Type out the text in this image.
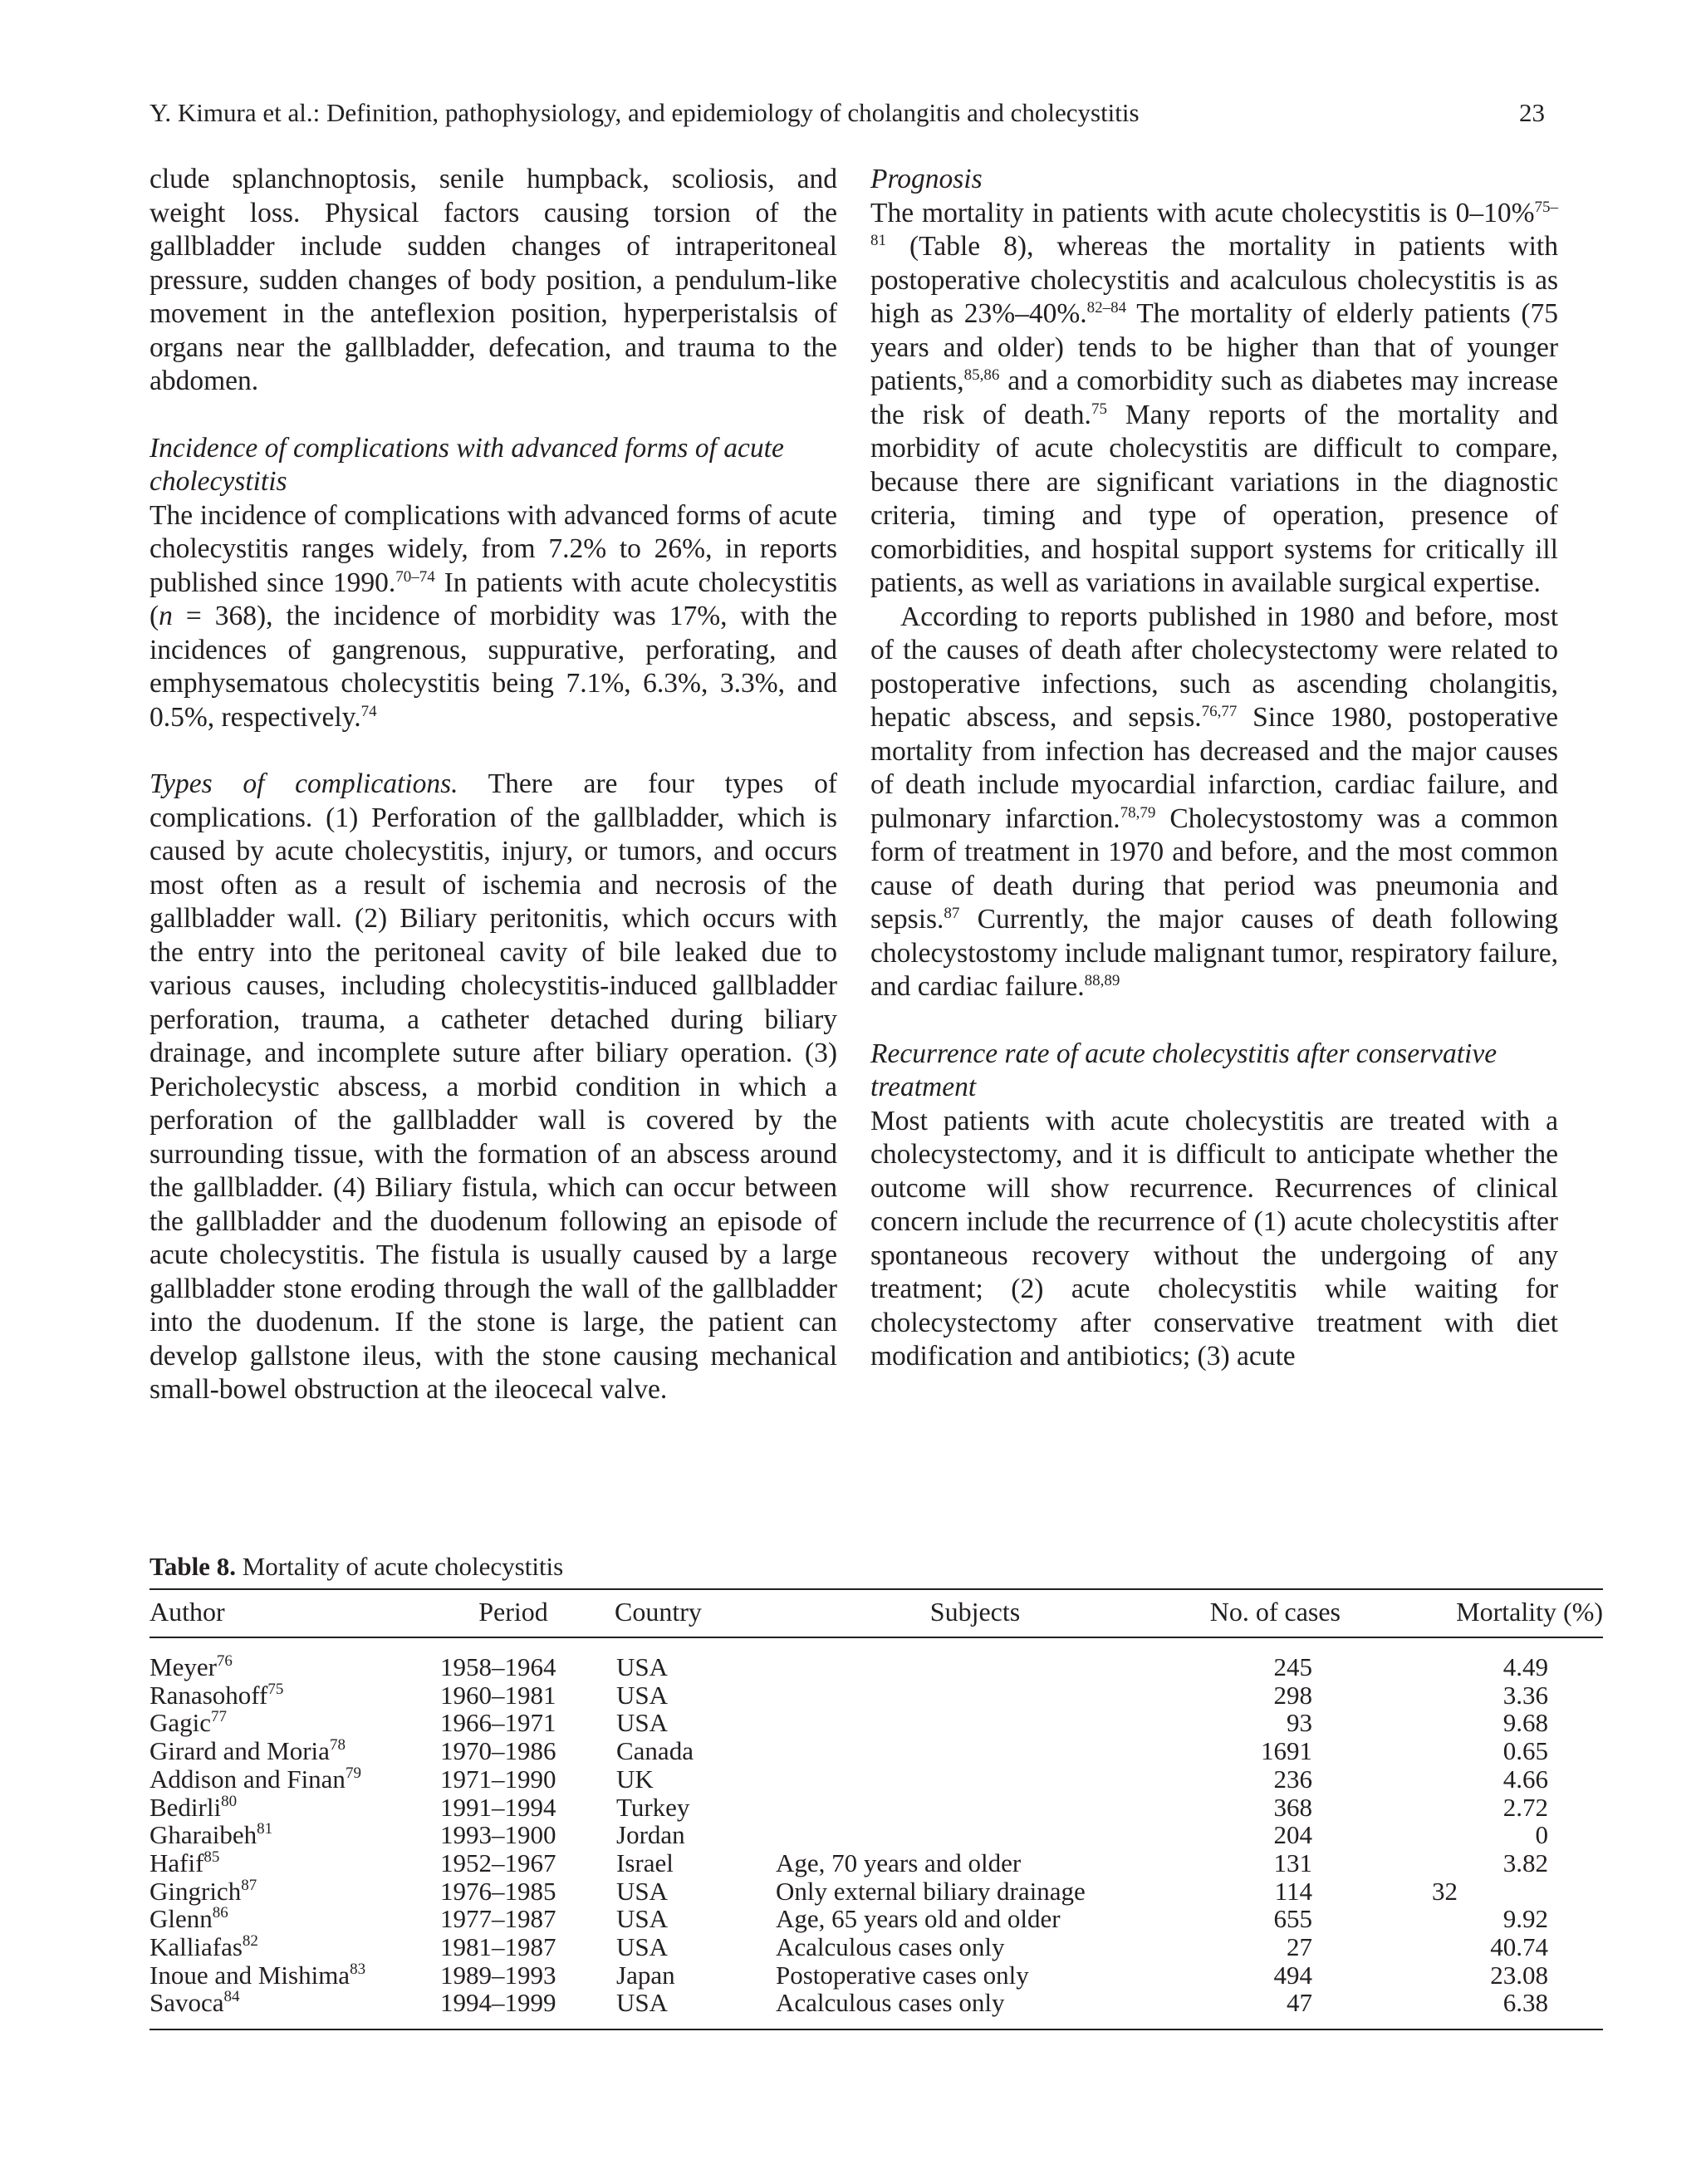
Y. Kimura et al.: Definition, pathophysiology, and epidemiology of cholangitis and cholecystitis	23

clude splanchnoptosis, senile humpback, scoliosis, and weight loss. Physical factors causing torsion of the gallbladder include sudden changes of intraperitoneal pressure, sudden changes of body position, a pendulum-like movement in the anteflexion position, hyperperistalsis of organs near the gallbladder, defecation, and trauma to the abdomen.

Incidence of complications with advanced forms of acute cholecystitis

The incidence of complications with advanced forms of acute cholecystitis ranges widely, from 7.2% to 26%, in reports published since 1990.$^{70-74}$ In patients with acute cholecystitis (n = 368), the incidence of morbidity was 17%, with the incidences of gangrenous, suppurative, perforating, and emphysematous cholecystitis being 7.1%, 6.3%, 3.3%, and 0.5%, respectively.$^{74}$

Types of complications. There are four types of complications. (1) Perforation of the gallbladder, which is caused by acute cholecystitis, injury, or tumors, and occurs most often as a result of ischemia and necrosis of the gallbladder wall. (2) Biliary peritonitis, which occurs with the entry into the peritoneal cavity of bile leaked due to various causes, including cholecystitis-induced gallbladder perforation, trauma, a catheter detached during biliary drainage, and incomplete suture after biliary operation. (3) Pericholecystic abscess, a morbid condition in which a perforation of the gallbladder wall is covered by the surrounding tissue, with the formation of an abscess around the gallbladder. (4) Biliary fistula, which can occur between the gallbladder and the duodenum following an episode of acute cholecystitis. The fistula is usually caused by a large gallbladder stone eroding through the wall of the gallbladder into the duodenum. If the stone is large, the patient can develop gallstone ileus, with the stone causing mechanical small-bowel obstruction at the ileocecal valve.

Prognosis

The mortality in patients with acute cholecystitis is 0–10%$^{75-81}$ (Table 8), whereas the mortality in patients with postoperative cholecystitis and acalculous cholecystitis is as high as 23%–40%.$^{82-84}$ The mortality of elderly patients (75 years and older) tends to be higher than that of younger patients,$^{85,86}$ and a comorbidity such as diabetes may increase the risk of death.$^{75}$ Many reports of the mortality and morbidity of acute cholecystitis are difficult to compare, because there are significant variations in the diagnostic criteria, timing and type of operation, presence of comorbidities, and hospital support systems for critically ill patients, as well as variations in available surgical expertise.

According to reports published in 1980 and before, most of the causes of death after cholecystectomy were related to postoperative infections, such as ascending cholangitis, hepatic abscess, and sepsis.$^{76,77}$ Since 1980, postoperative mortality from infection has decreased and the major causes of death include myocardial infarction, cardiac failure, and pulmonary infarction.$^{78,79}$ Cholecystostomy was a common form of treatment in 1970 and before, and the most common cause of death during that period was pneumonia and sepsis.$^{87}$ Currently, the major causes of death following cholecystostomy include malignant tumor, respiratory failure, and cardiac failure.$^{88,89}$

Recurrence rate of acute cholecystitis after conservative treatment

Most patients with acute cholecystitis are treated with a cholecystectomy, and it is difficult to anticipate whether the outcome will show recurrence. Recurrences of clinical concern include the recurrence of (1) acute cholecystitis after spontaneous recovery without the undergoing of any treatment; (2) acute cholecystitis while waiting for cholecystectomy after conservative treatment with diet modification and antibiotics; (3) acute

Table 8. Mortality of acute cholecystitis
Author	Period	Country	Subjects	No. of cases	Mortality (%)
Meyer$^{76}$	1958–1964	USA		245	4.49
Ranasohoff$^{75}$	1960–1981	USA		298	3.36
Gagic$^{77}$	1966–1971	USA		93	9.68
Girard and Moria$^{78}$	1970–1986	Canada		1691	0.65
Addison and Finan$^{79}$	1971–1990	UK		236	4.66
Bedirli$^{80}$	1991–1994	Turkey		368	2.72
Gharaibeh$^{81}$	1993–1900	Jordan		204	0
Hafif$^{85}$	1952–1967	Israel	Age, 70 years and older	131	3.82
Gingrich$^{87}$	1976–1985	USA	Only external biliary drainage	114	32
Glenn$^{86}$	1977–1987	USA	Age, 65 years old and older	655	9.92
Kalliafas$^{82}$	1981–1987	USA	Acalculous cases only	27	40.74
Inoue and Mishima$^{83}$	1989–1993	Japan	Postoperative cases only	494	23.08
Savoca$^{84}$	1994–1999	USA	Acalculous cases only	47	6.38
